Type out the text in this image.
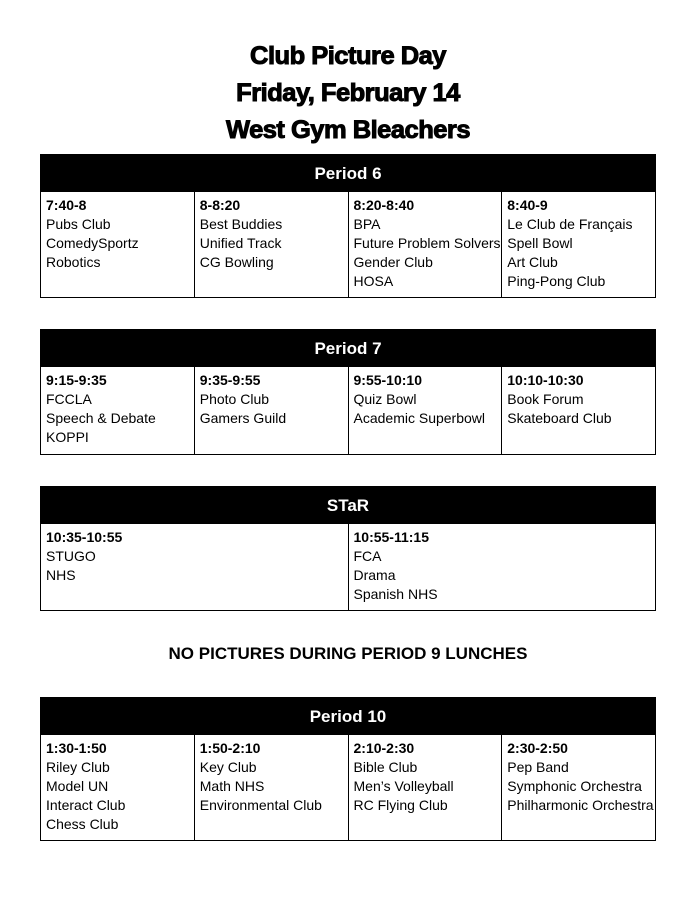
Club Picture Day
Friday, February 14
West Gym Bleachers
Period 6
7:40-8
Pubs Club
ComedySportz
Robotics
8-8:20
Best Buddies
Unified Track
CG Bowling
8:20-8:40
BPA
Future Problem Solvers
Gender Club
HOSA
8:40-9
Le Club de Français
Spell Bowl
Art Club
Ping-Pong Club
Period 7
9:15-9:35
FCCLA
Speech & Debate
KOPPI
9:35-9:55
Photo Club
Gamers Guild
9:55-10:10
Quiz Bowl
Academic Superbowl
10:10-10:30
Book Forum
Skateboard Club
STaR
10:35-10:55
STUGO
NHS
10:55-11:15
FCA
Drama
Spanish NHS
NO PICTURES DURING PERIOD 9 LUNCHES
Period 10
1:30-1:50
Riley Club
Model UN
Interact Club
Chess Club
1:50-2:10
Key Club
Math NHS
Environmental Club
2:10-2:30
Bible Club
Men’s Volleyball
RC Flying Club
2:30-2:50
Pep Band
Symphonic Orchestra
Philharmonic Orchestra
